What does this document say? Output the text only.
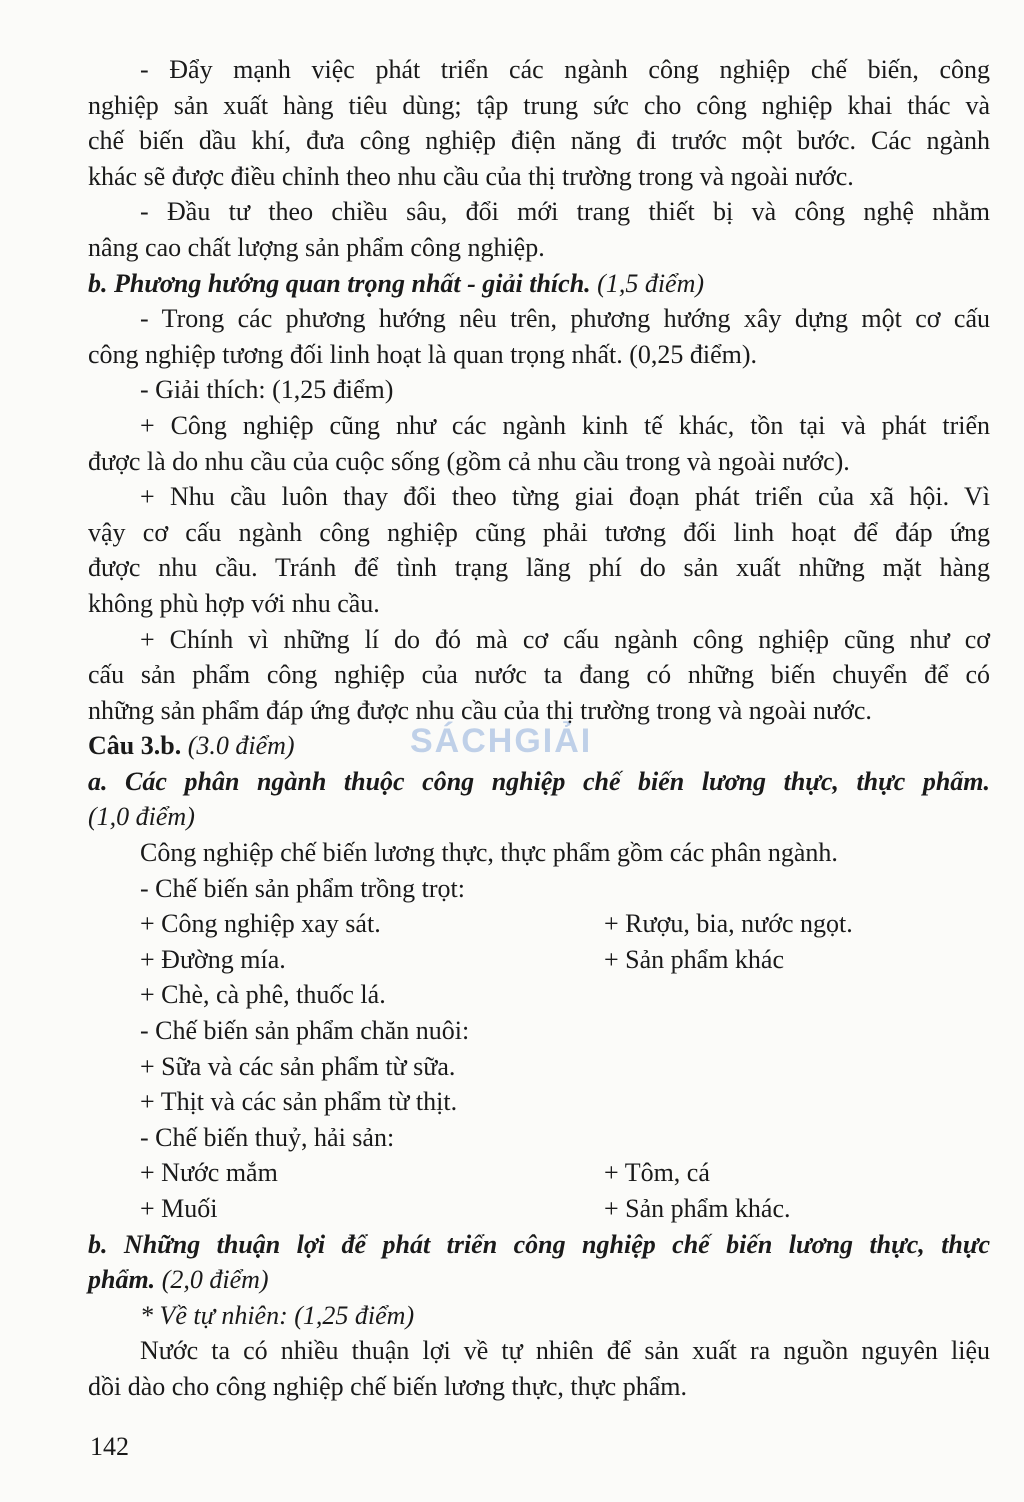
- Đẩy mạnh việc phát triển các ngành công nghiệp chế biến, công
nghiệp sản xuất hàng tiêu dùng; tập trung sức cho công nghiệp khai thác và
chế biến dầu khí, đưa công nghiệp điện năng đi trước một bước. Các ngành
khác sẽ được điều chỉnh theo nhu cầu của thị trường trong và ngoài nước.
- Đầu tư theo chiều sâu, đổi mới trang thiết bị và công nghệ nhằm
nâng cao chất lượng sản phẩm công nghiệp.
b. Phương hướng quan trọng nhất - giải thích. (1,5 điểm)
- Trong các phương hướng nêu trên, phương hướng xây dựng một cơ cấu
công nghiệp tương đối linh hoạt là quan trọng nhất. (0,25 điểm).
- Giải thích: (1,25 điểm)
+ Công nghiệp cũng như các ngành kinh tế khác, tồn tại và phát triển
được là do nhu cầu của cuộc sống (gồm cả nhu cầu trong và ngoài nước).
+ Nhu cầu luôn thay đổi theo từng giai đoạn phát triển của xã hội. Vì
vậy cơ cấu ngành công nghiệp cũng phải tương đối linh hoạt để đáp ứng
được nhu cầu. Tránh để tình trạng lãng phí do sản xuất những mặt hàng
không phù hợp với nhu cầu.
+ Chính vì những lí do đó mà cơ cấu ngành công nghiệp cũng như cơ
cấu sản phẩm công nghiệp của nước ta đang có những biến chuyển để có
những sản phẩm đáp ứng được nhu cầu của thị trường trong và ngoài nước.
Câu 3.b. (3.0 điểm)
a. Các phân ngành thuộc công nghiệp chế biến lương thực, thực phẩm.
(1,0 điểm)
Công nghiệp chế biến lương thực, thực phẩm gồm các phân ngành.
- Chế biến sản phẩm trồng trọt:
+ Công nghiệp xay sát.	+ Rượu, bia, nước ngọt.
+ Đường mía.	+ Sản phẩm khác
+ Chè, cà phê, thuốc lá.
- Chế biến sản phẩm chăn nuôi:
+ Sữa và các sản phẩm từ sữa.
+ Thịt và các sản phẩm từ thịt.
- Chế biến thuỷ, hải sản:
+ Nước mắm	+ Tôm, cá
+ Muối	+ Sản phẩm khác.
b. Những thuận lợi để phát triển công nghiệp chế biến lương thực, thực
phẩm. (2,0 điểm)
* Về tự nhiên: (1,25 điểm)
Nước ta có nhiều thuận lợi về tự nhiên để sản xuất ra nguồn nguyên liệu
dồi dào cho công nghiệp chế biến lương thực, thực phẩm.
SÁCHGIẢI
142
